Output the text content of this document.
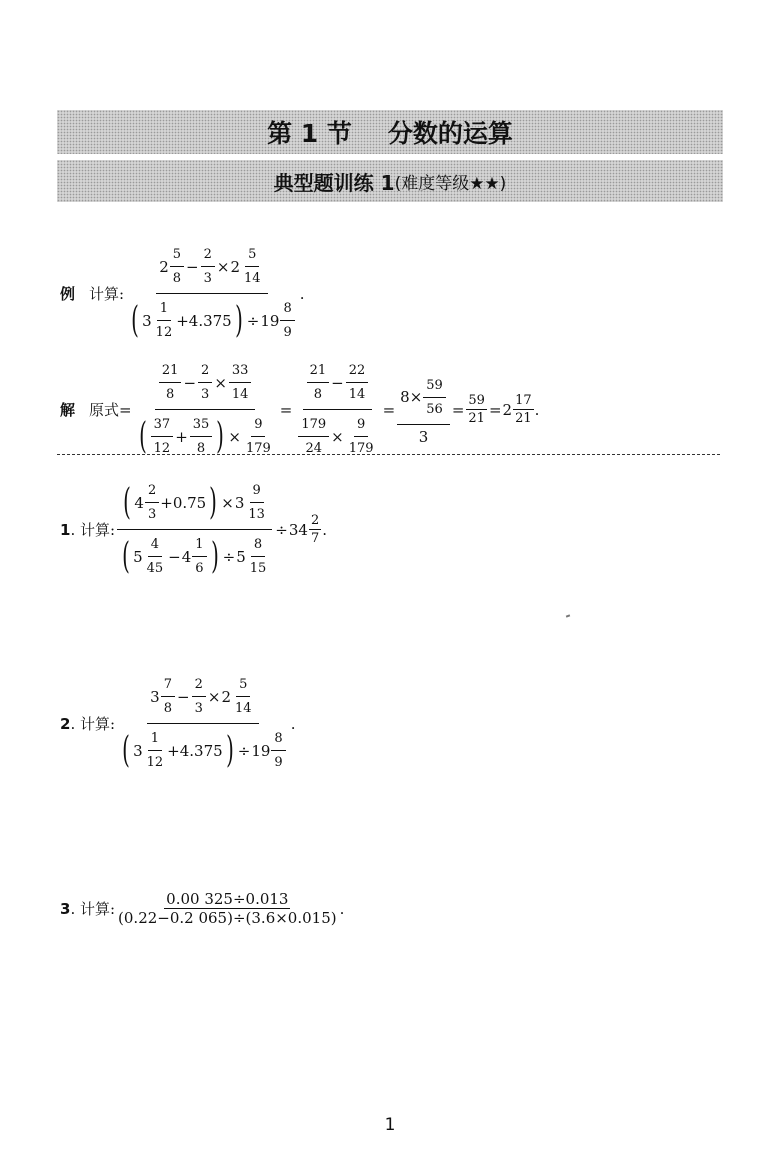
第 1 节 分数的运算
典型题训练 1 (难度等级★★)
例 计算:
$2 \frac{5}{8} - \frac{2}{3} \times 2 \frac{5}{14}$
( $3 \frac{1}{12} +4.375$ ) ÷ $19 \frac{8}{9}$
.
解 原式=
$\frac{21}{8} - \frac{2}{3} \times \frac{33}{14}$
( $\frac{37}{12} + \frac{35}{8}$ ) × $\frac{9}{179}$
= $\frac{\frac{21}{8} - \frac{22}{14}}{\frac{179}{24} \times \frac{9}{179}} = \frac{8\times \frac{59}{56}}{3} = \frac{59}{21} = 2 \frac{17}{21}$ .
1 . 计算:
( $4 \frac{2}{3} +0.75$ ) × $3 \frac{9}{13}$
( $5 \frac{4}{45} - 4 \frac{1}{6}$ ) ÷ $5 \frac{8}{15}$
÷ $34 \frac{2}{7}$ .
2 . 计算:
$3 \frac{7}{8} - \frac{2}{3} \times 2 \frac{5}{14}$
( $3 \frac{1}{12} +4.375$ ) ÷ $19 \frac{8}{9}$
.
3 . 计算: $\frac{0.00 325\div 0.013}{(0.22-0.2 065)\div(3.6\times 0.015)}$ .
1
